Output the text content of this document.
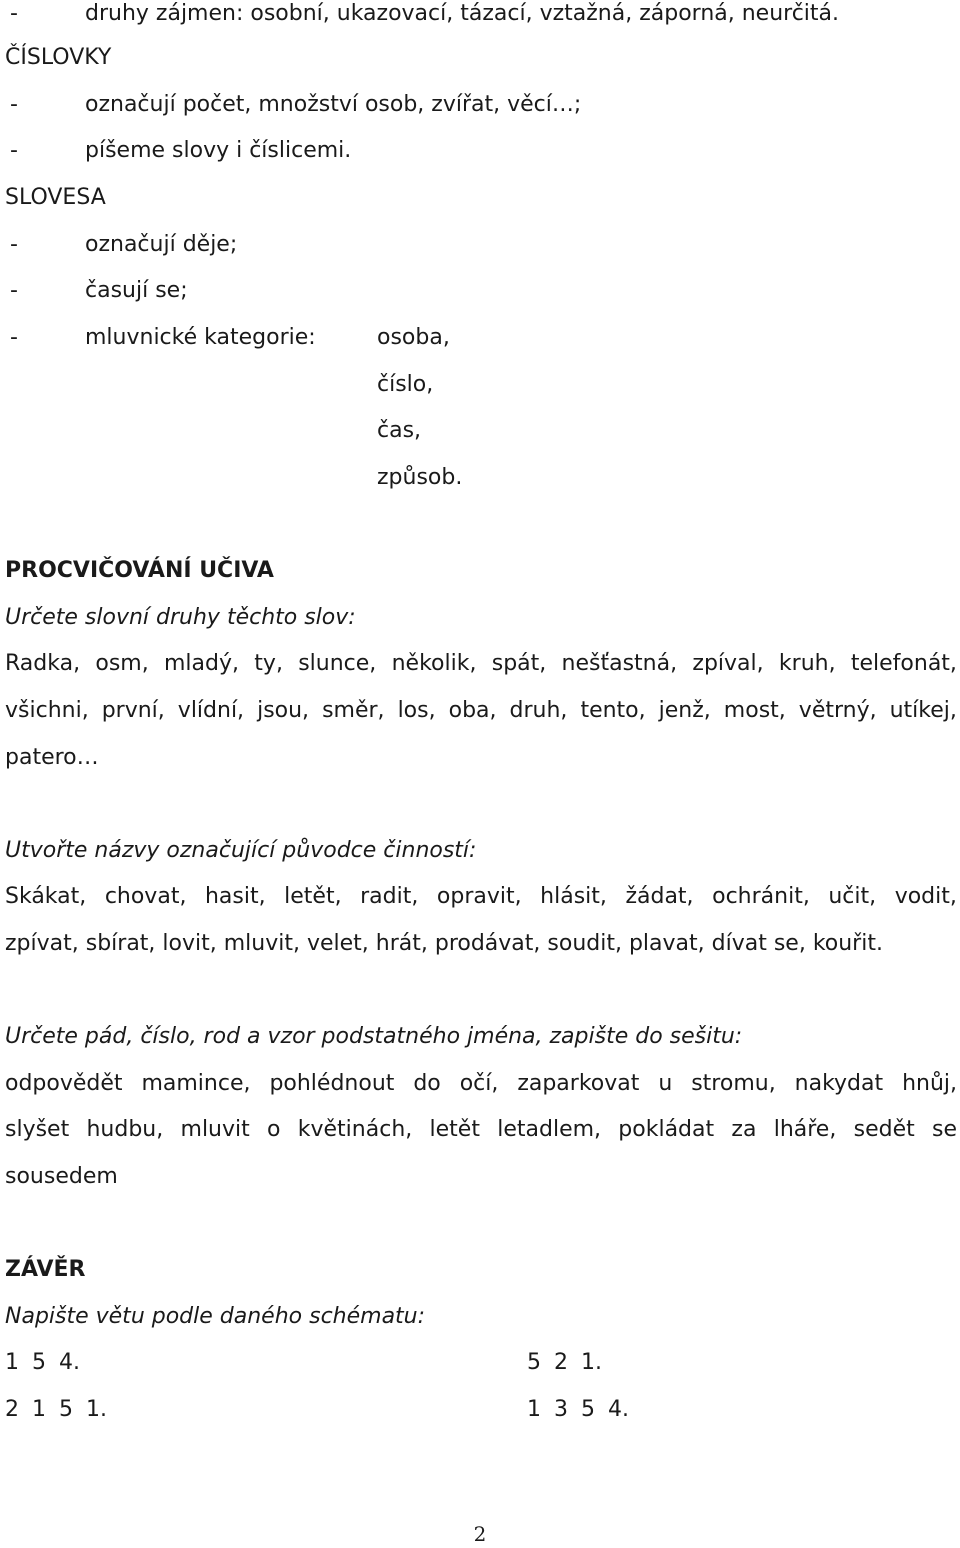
-	druhy zájmen: osobní, ukazovací, tázací, vztažná, záporná, neurčitá.
ČÍSLOVKY
-	označují počet, množství osob, zvířat, věcí…;
-	píšeme slovy i číslicemi.
SLOVESA
-	označují děje;
-	časují se;
-	mluvnické kategorie:	osoba,
číslo,
čas,
způsob.
PROCVIČOVÁNÍ UČIVA
Určete slovní druhy těchto slov:
Radka, osm, mladý, ty, slunce, několik, spát, nešťastná, zpíval, kruh, telefonát,
všichni, první, vlídní, jsou, směr, los, oba, druh, tento, jenž, most, větrný, utíkej,
patero…
Utvořte názvy označující původce činností:
Skákat, chovat, hasit, letět, radit, opravit, hlásit, žádat, ochránit, učit, vodit,
zpívat, sbírat, lovit, mluvit, velet, hrát, prodávat, soudit, plavat, dívat se, kouřit.
Určete pád, číslo, rod a vzor podstatného jména, zapište do sešitu:
odpovědět mamince, pohlédnout do očí, zaparkovat u stromu, nakydat hnůj,
slyšet hudbu, mluvit o květinách, letět letadlem, pokládat za lháře, sedět se
sousedem
ZÁVĚR
Napište větu podle daného schématu:
1 5 4.	5 2 1.
2 1 5 1.	1 3 5 4.
2
